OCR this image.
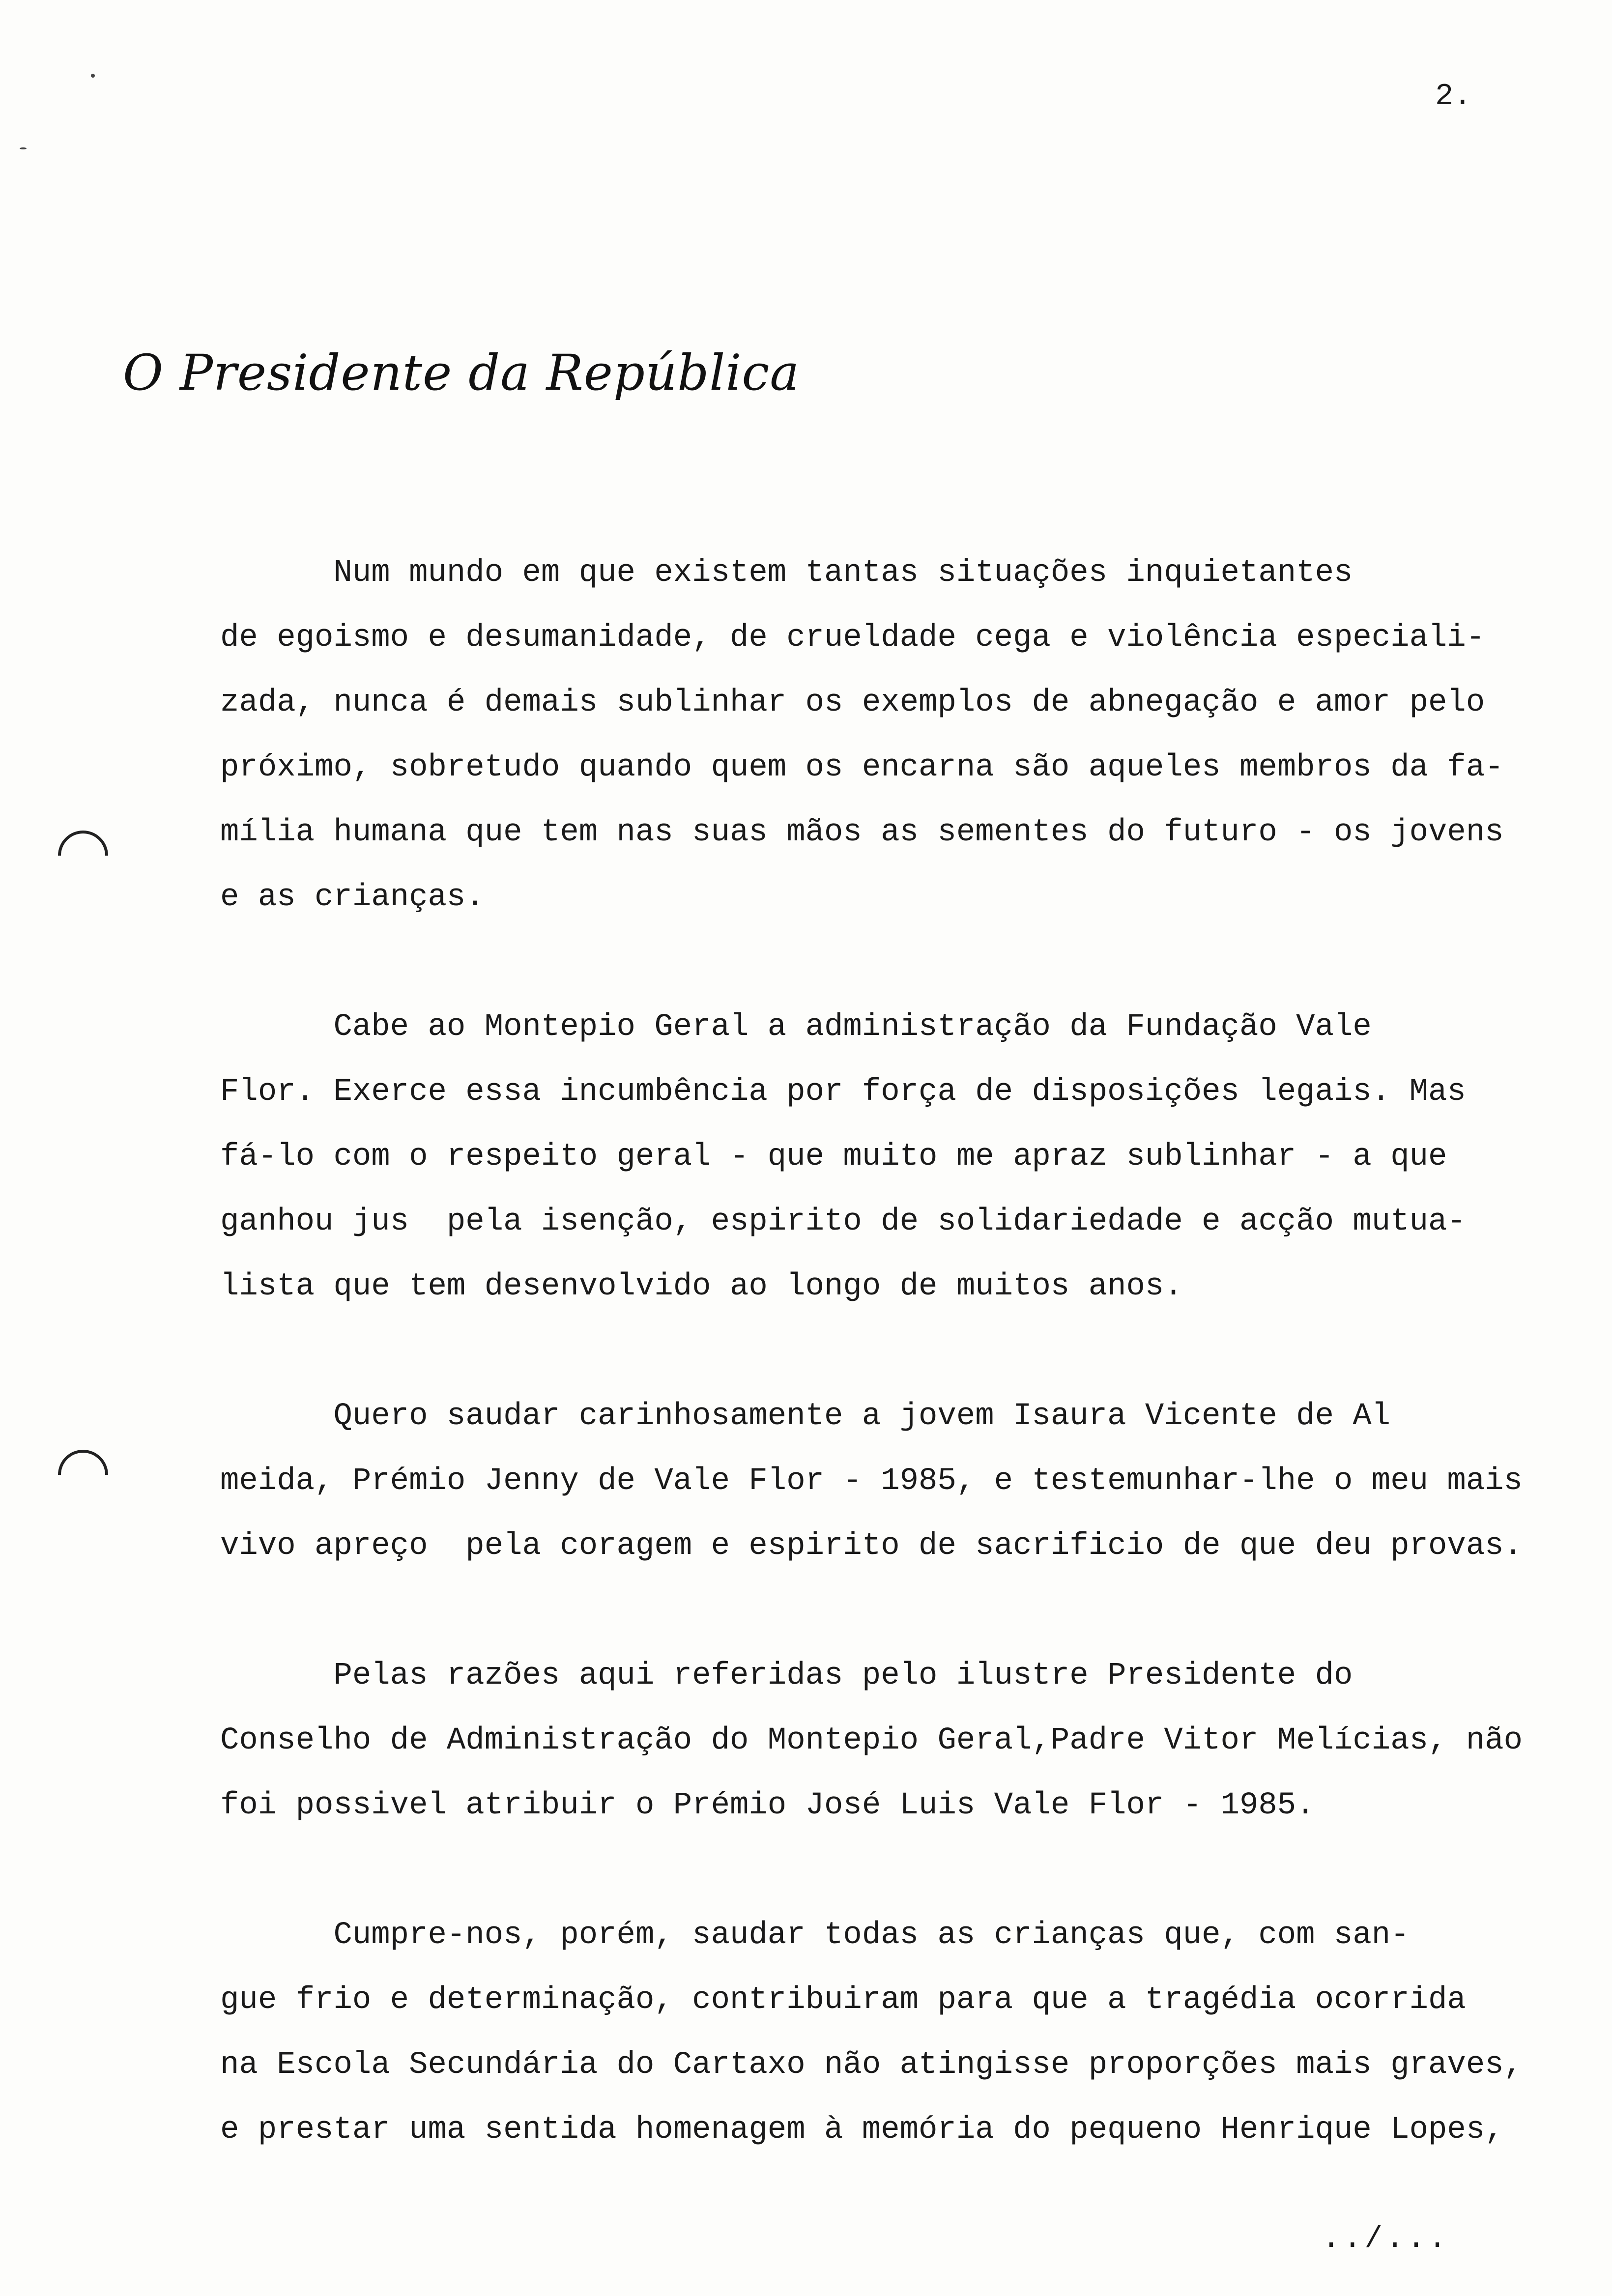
2.
O Presidente da República
Num mundo em que existem tantas situações inquietantes
de egoismo e desumanidade, de crueldade cega e violência especiali-
zada, nunca é demais sublinhar os exemplos de abnegação e amor pelo
próximo, sobretudo quando quem os encarna são aqueles membros da fa-
mília humana que tem nas suas mãos as sementes do futuro - os jovens
e as crianças.
Cabe ao Montepio Geral a administração da Fundação Vale
Flor. Exerce essa incumbência por força de disposições legais. Mas
fá-lo com o respeito geral - que muito me apraz sublinhar - a que
ganhou jus  pela isenção, espirito de solidariedade e acção mutua-
lista que tem desenvolvido ao longo de muitos anos.
Quero saudar carinhosamente a jovem Isaura Vicente de Al
meida, Prémio Jenny de Vale Flor - 1985, e testemunhar-lhe o meu mais
vivo apreço  pela coragem e espirito de sacrificio de que deu provas.
Pelas razões aqui referidas pelo ilustre Presidente do
Conselho de Administração do Montepio Geral,Padre Vitor Melícias, não
foi possivel atribuir o Prémio José Luis Vale Flor - 1985.
Cumpre-nos, porém, saudar todas as crianças que, com san-
gue frio e determinação, contribuiram para que a tragédia ocorrida
na Escola Secundária do Cartaxo não atingisse proporções mais graves,
e prestar uma sentida homenagem à memória do pequeno Henrique Lopes,
../...
